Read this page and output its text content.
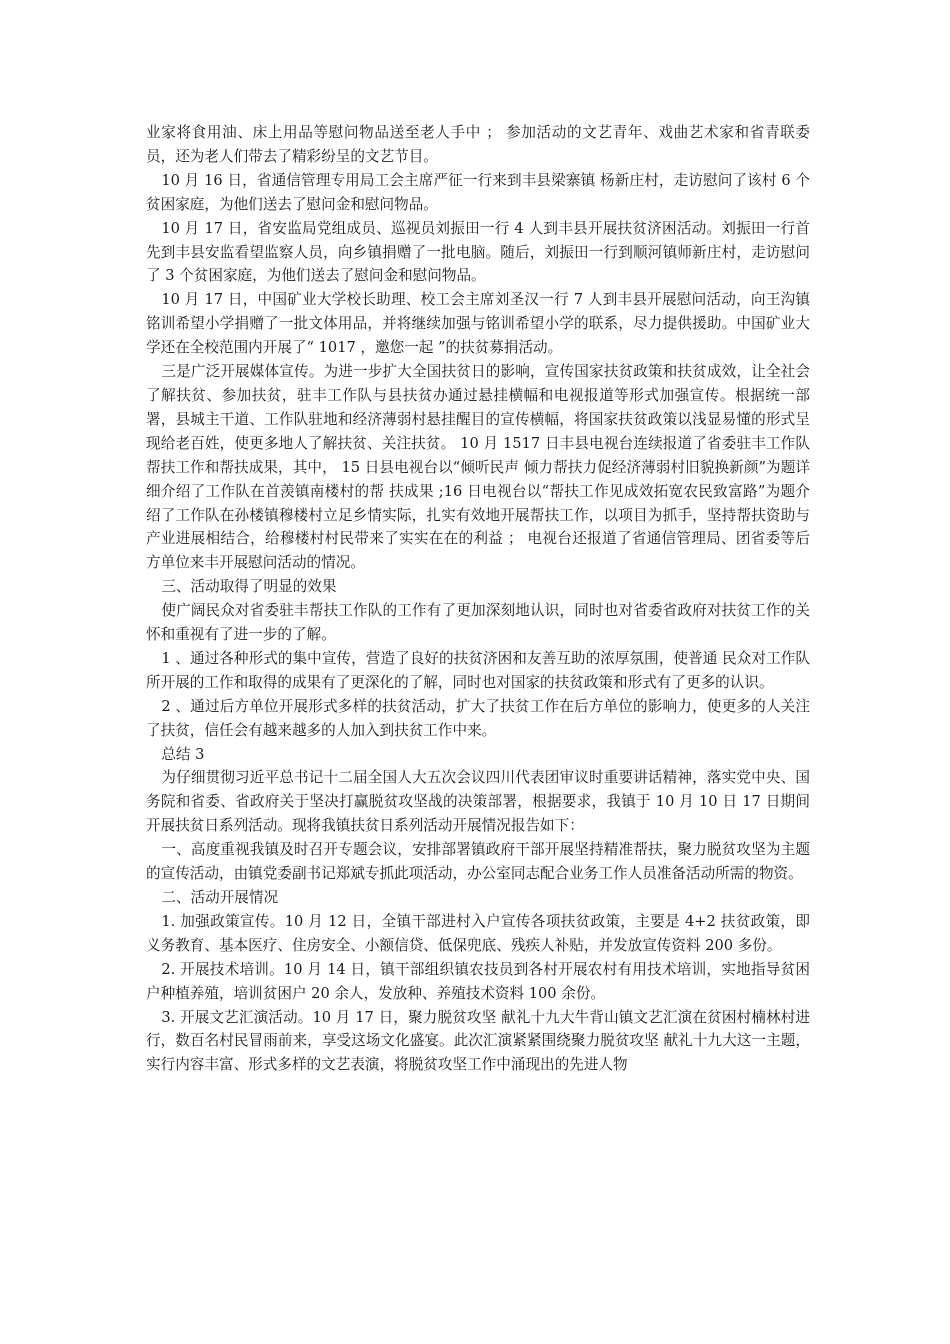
业家将食用油、床上用品等慰问物品送至老人手中 ； 参加活动的文艺青年、戏曲艺术家和省青联委员，还为老人们带去了精彩纷呈的文艺节目。

10 月 16 日，省通信管理专用局工会主席严征一行来到丰县梁寨镇 杨新庄村，走访慰问了该村 6 个贫困家庭，为他们送去了慰问金和慰问物品。

10 月 17 日，省安监局党组成员、巡视员刘振田一行 4 人到丰县开展扶贫济困活动。刘振田一行首先到丰县安监看望监察人员，向乡镇捐赠了一批电脑。随后，刘振田一行到顺河镇师新庄村，走访慰问了 3 个贫困家庭，为他们送去了慰问金和慰问物品。

10 月 17 日，中国矿业大学校长助理、校工会主席刘圣汉一行 7 人到丰县开展慰问活动，向王沟镇铭训希望小学捐赠了一批文体用品，并将继续加强与铭训希望小学的联系，尽力提供援助。中国矿业大学还在全校范围内开展了“ 1017 ，邀您一起 ”的扶贫募捐活动。

三是广泛开展媒体宣传。为进一步扩大全国扶贫日的影响，宣传国家扶贫政策和扶贫成效，让全社会了解扶贫、参加扶贫，驻丰工作队与县扶贫办通过悬挂横幅和电视报道等形式加强宣传。根据统一部署，县城主干道、工作队驻地和经济薄弱村悬挂醒目的宣传横幅，将国家扶贫政策以浅显易懂的形式呈现给老百姓，使更多地人了解扶贫、关注扶贫。 10 月 1517 日丰县电视台连续报道了省委驻丰工作队帮扶工作和帮扶成果，其中， 15 日县电视台以“倾听民声 倾力帮扶力促经济薄弱村旧貌换新颜”为题详细介绍了工作队在首羡镇南楼村的帮 扶成果 ;16 日电视台以“帮扶工作见成效拓宽农民致富路”为题介绍了工作队在孙楼镇穆楼村立足乡情实际，扎实有效地开展帮扶工作，以项目为抓手，坚持帮扶资助与产业进展相结合，给穆楼村村民带来了实实在在的利益 ； 电视台还报道了省通信管理局、团省委等后方单位来丰开展慰问活动的情况。

三、活动取得了明显的效果

使广阔民众对省委驻丰帮扶工作队的工作有了更加深刻地认识，同时也对省委省政府对扶贫工作的关怀和重视有了进一步的了解。

1 、通过各种形式的集中宣传，营造了良好的扶贫济困和友善互助的浓厚氛围，使普通 民众对工作队所开展的工作和取得的成果有了更深化的了解，同时也对国家的扶贫政策和形式有了更多的认识。

2 、通过后方单位开展形式多样的扶贫活动，扩大了扶贫工作在后方单位的影响力，使更多的人关注了扶贫，信任会有越来越多的人加入到扶贫工作中来。

总结 3

为仔细贯彻习近平总书记十二届全国人大五次会议四川代表团审议时重要讲话精神，落实党中央、国务院和省委、省政府关于坚决打赢脱贫攻坚战的决策部署，根据要求，我镇于 10 月 10 日 17 日期间开展扶贫日系列活动。现将我镇扶贫日系列活动开展情况报告如下：

一、高度重视我镇及时召开专题会议，安排部署镇政府干部开展坚持精准帮扶，聚力脱贫攻坚为主题的宣传活动，由镇党委副书记郑斌专抓此项活动，办公室同志配合业务工作人员准备活动所需的物资。

二、活动开展情况

1. 加强政策宣传。10 月 12 日，全镇干部进村入户宣传各项扶贫政策，主要是 4+2 扶贫政策，即义务教育、基本医疗、住房安全、小额信贷、低保兜底、残疾人补贴，并发放宣传资料 200 多份。

2. 开展技术培训。10 月 14 日，镇干部组织镇农技员到各村开展农村有用技术培训，实地指导贫困户种植养殖，培训贫困户 20 余人，发放种、养殖技术资料 100 余份。

3. 开展文艺汇演活动。10 月 17 日，聚力脱贫攻坚 献礼十九大牛背山镇文艺汇演在贫困村楠林村进行，数百名村民冒雨前来，享受这场文化盛宴。此次汇演紧紧围绕聚力脱贫攻坚 献礼十九大这一主题，实行内容丰富、形式多样的文艺表演，将脱贫攻坚工作中涌现出的先进人物
